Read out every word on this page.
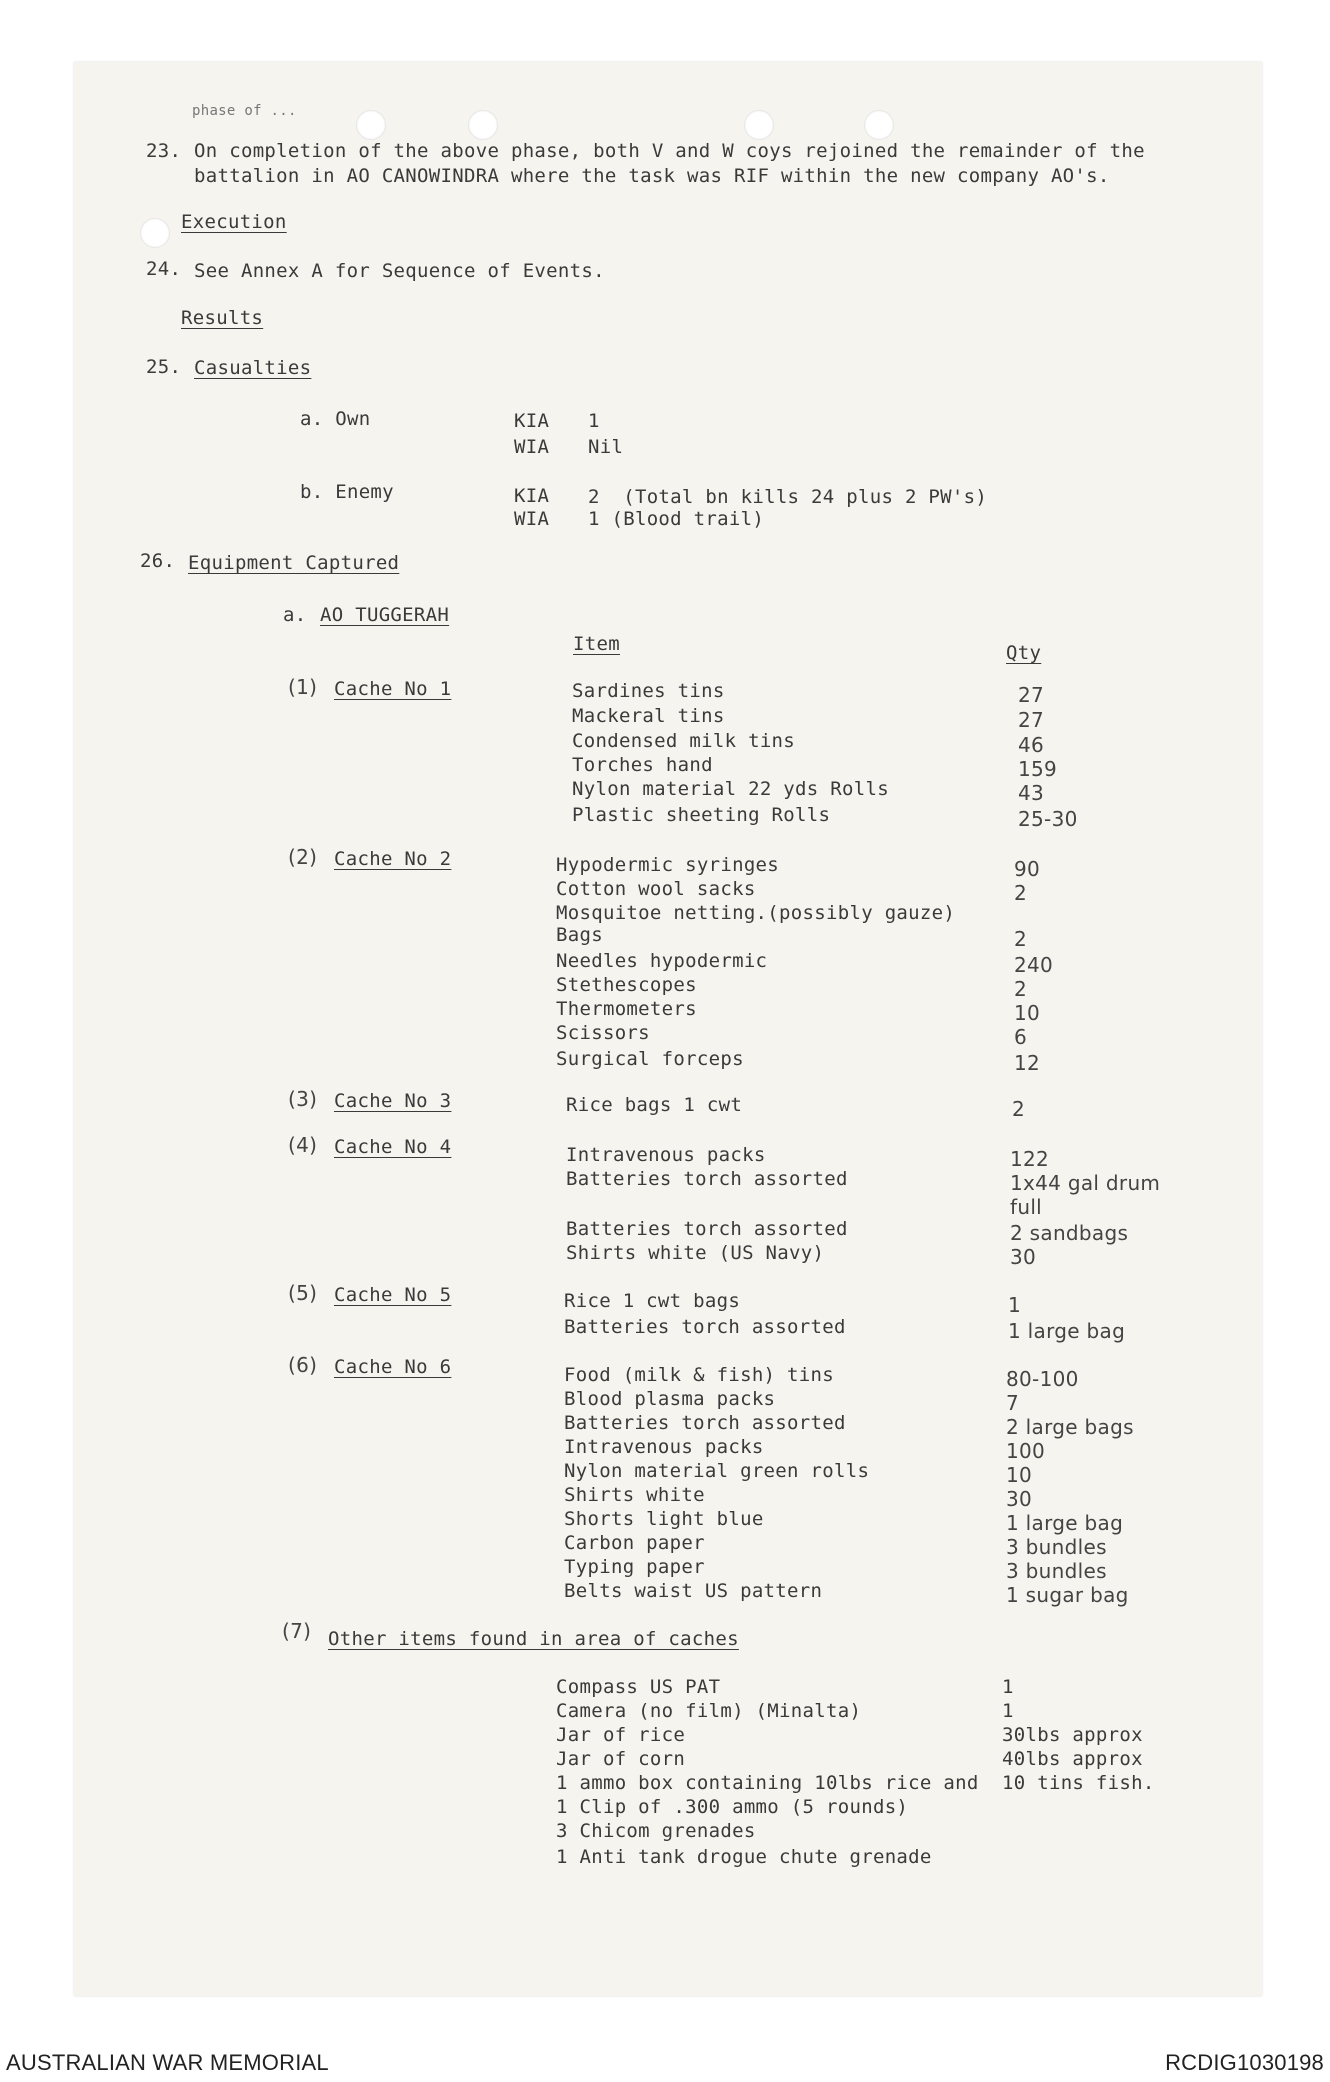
phase of ...
23. On completion of the above phase, both V and W coys rejoined the remainder of the
battalion in AO CANOWINDRA where the task was RIF within the new company AO's.
Execution
24. See Annex A for Sequence of Events.
Results
25. Casualties
a. Own	KIA 1
WIA Nil
b. Enemy	KIA 2  (Total bn kills 24 plus 2 PW's)
WIA 1 (Blood trail)
26. Equipment Captured
a. AO TUGGERAH
Item	Qty
(1) Cache No 1	Sardines tins	27
Mackeral tins	27
Condensed milk tins	46
Torches hand	159
Nylon material 22 yds Rolls	43
Plastic sheeting Rolls	25-30
(2) Cache No 2	Hypodermic syringes	90
Cotton wool sacks	2
Mosquitoe netting.(possibly gauze)
Bags	2
Needles hypodermic	240
Stethescopes	2
Thermometers	10
Scissors	6
Surgical forceps	12
(3) Cache No 3	Rice bags 1 cwt	2
(4) Cache No 4	Intravenous packs	122
Batteries torch assorted	1x44 gal drum
full
Batteries torch assorted	2 sandbags
Shirts white (US Navy)	30
(5) Cache No 5	Rice 1 cwt bags	1
Batteries torch assorted	1 large bag
(6) Cache No 6	Food (milk & fish) tins	80-100
Blood plasma packs	7
Batteries torch assorted	2 large bags
Intravenous packs	100
Nylon material green rolls	10
Shirts white	30
Shorts light blue	1 large bag
Carbon paper	3 bundles
Typing paper	3 bundles
Belts waist US pattern	1 sugar bag
(7) Other items found in area of caches
Compass US PAT	1
Camera (no film) (Minalta)	1
Jar of rice	30lbs approx
Jar of corn	40lbs approx
1 ammo box containing 10lbs rice and 10 tins fish.
1 Clip of .300 ammo (5 rounds)
3 Chicom grenades
1 Anti tank drogue chute grenade
AUSTRALIAN WAR MEMORIAL	RCDIG1030198
